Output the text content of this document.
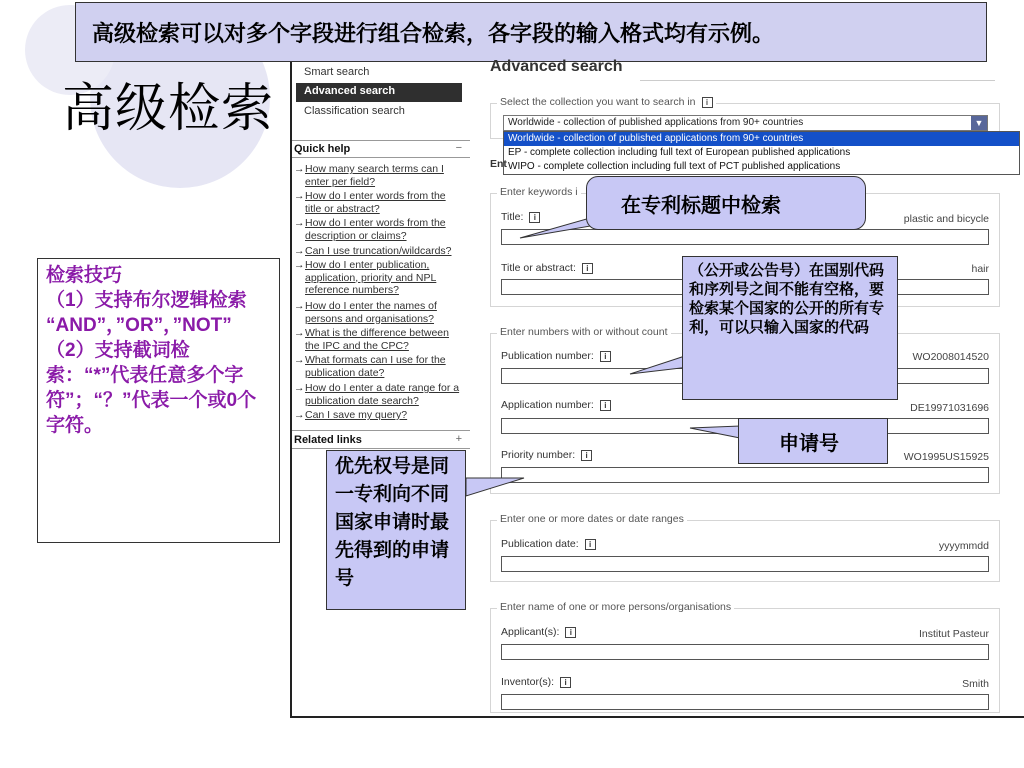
高级检索可以对多个字段进行组合检索，各字段的输入格式均有示例。
高级检索
Smart search
Advanced search
Classification search
Quick help	−
→How many search terms can I
enter per field?
→How do I enter words from the
title or abstract?
→How do I enter words from the
description or claims?
→Can I use truncation/wildcards?
→How do I enter publication,
application, priority and NPL
reference numbers?
→How do I enter the names of
persons and organisations?
→What is the difference between
the IPC and the CPC?
→What formats can I use for the
publication date?
→How do I enter a date range for a
publication date search?
→Can I save my query?
Related links	+
Advanced search
Select the collection you want to search in i
Worldwide - collection of published applications from 90+ countries	▼
Worldwide - collection of published applications from 90+ countries
EP - complete collection including full text of European published applications
WIPO - complete collection including full text of PCT published applications
Ent
Enter keywords i
Title: i	plastic and bicycle
Title or abstract: i	hair
Enter numbers with or without count
Publication number: i	WO2008014520
Application number: i	DE19971031696
Priority number: i	WO1995US15925
Enter one or more dates or date ranges
Publication date: i	yyyymmdd
Enter name of one or more persons/organisations
Applicant(s): i	Institut Pasteur
Inventor(s): i	Smith
在专利标题中检索
（公开或公告号）在国别代码和序列号之间不能有空格，要检索某个国家的公开的所有专利，可以只输入国家的代码
申请号
优先权号是同一专利向不同国家申请时最先得到的申请号
检索技巧
（1）支持布尔逻辑检索
“AND”，”OR”，”NOT”
（2）支持截词检索：“*”代表任意多个字符”；“？”代表一个或0个字符。
